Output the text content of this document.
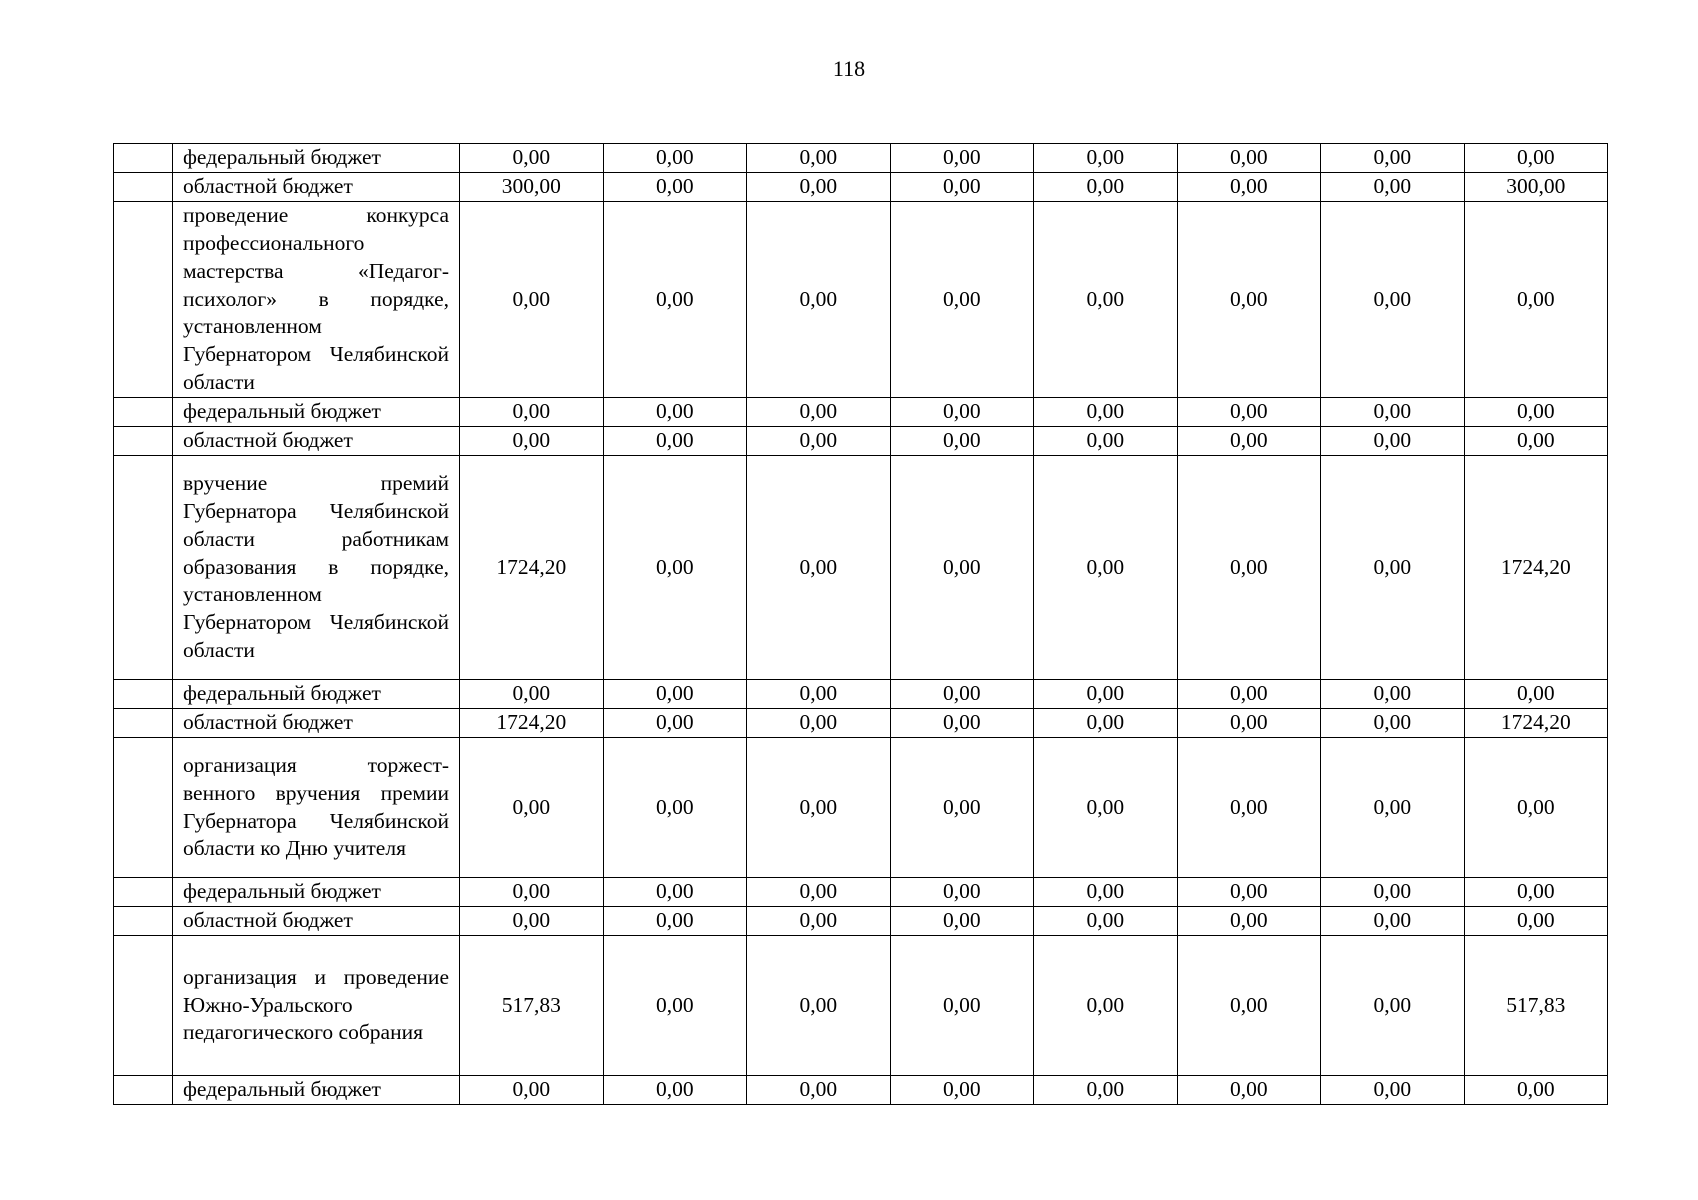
118
	федеральный бюджет	0,00	0,00	0,00	0,00	0,00	0,00	0,00	0,00
	областной бюджет	300,00	0,00	0,00	0,00	0,00	0,00	0,00	300,00
	проведение конкурса профессионального мастерства «Педагог-психолог» в порядке, установленном Губернатором Челябинской области	0,00	0,00	0,00	0,00	0,00	0,00	0,00	0,00
	федеральный бюджет	0,00	0,00	0,00	0,00	0,00	0,00	0,00	0,00
	областной бюджет	0,00	0,00	0,00	0,00	0,00	0,00	0,00	0,00
	вручение премий Губернатора Челябинской области работникам образования в порядке, установленном Губернатором Челябинской области	1724,20	0,00	0,00	0,00	0,00	0,00	0,00	1724,20
	федеральный бюджет	0,00	0,00	0,00	0,00	0,00	0,00	0,00	0,00
	областной бюджет	1724,20	0,00	0,00	0,00	0,00	0,00	0,00	1724,20
	организация торжест-венного вручения премии Губернатора Челябинской области ко Дню учителя	0,00	0,00	0,00	0,00	0,00	0,00	0,00	0,00
	федеральный бюджет	0,00	0,00	0,00	0,00	0,00	0,00	0,00	0,00
	областной бюджет	0,00	0,00	0,00	0,00	0,00	0,00	0,00	0,00
	организация и проведение Южно-Уральского педагогического собрания	517,83	0,00	0,00	0,00	0,00	0,00	0,00	517,83
	федеральный бюджет	0,00	0,00	0,00	0,00	0,00	0,00	0,00	0,00
